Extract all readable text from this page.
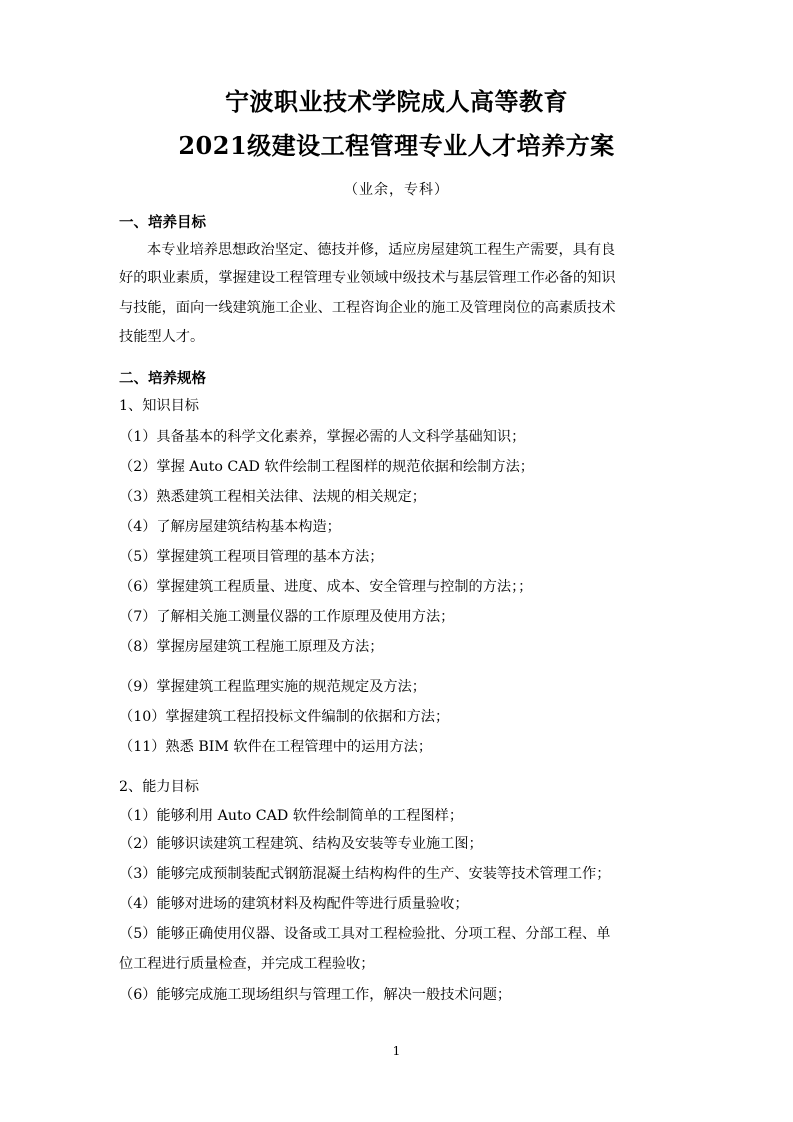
宁波职业技术学院成人高等教育
2021级建设工程管理专业人才培养方案
（业余，专科）
一、培养目标
本专业培养思想政治坚定、德技并修，适应房屋建筑工程生产需要，具有良
好的职业素质，掌握建设工程管理专业领域中级技术与基层管理工作必备的知识
与技能，面向一线建筑施工企业、工程咨询企业的施工及管理岗位的高素质技术
技能型人才。
二、培养规格
1、知识目标
（1）具备基本的科学文化素养，掌握必需的人文科学基础知识；
（2）掌握 Auto CAD 软件绘制工程图样的规范依据和绘制方法；
（3）熟悉建筑工程相关法律、法规的相关规定；
（4）了解房屋建筑结构基本构造；
（5）掌握建筑工程项目管理的基本方法；
（6）掌握建筑工程质量、进度、成本、安全管理与控制的方法；；
（7）了解相关施工测量仪器的工作原理及使用方法；
（8）掌握房屋建筑工程施工原理及方法；
（9）掌握建筑工程监理实施的规范规定及方法；
（10）掌握建筑工程招投标文件编制的依据和方法；
（11）熟悉 BIM 软件在工程管理中的运用方法；
2、能力目标
（1）能够利用 Auto CAD 软件绘制简单的工程图样；
（2）能够识读建筑工程建筑、结构及安装等专业施工图；
（3）能够完成预制装配式钢筋混凝土结构构件的生产、安装等技术管理工作；
（4）能够对进场的建筑材料及构配件等进行质量验收；
（5）能够正确使用仪器、设备或工具对工程检验批、分项工程、分部工程、单
位工程进行质量检查，并完成工程验收；
（6）能够完成施工现场组织与管理工作，解决一般技术问题；
1
